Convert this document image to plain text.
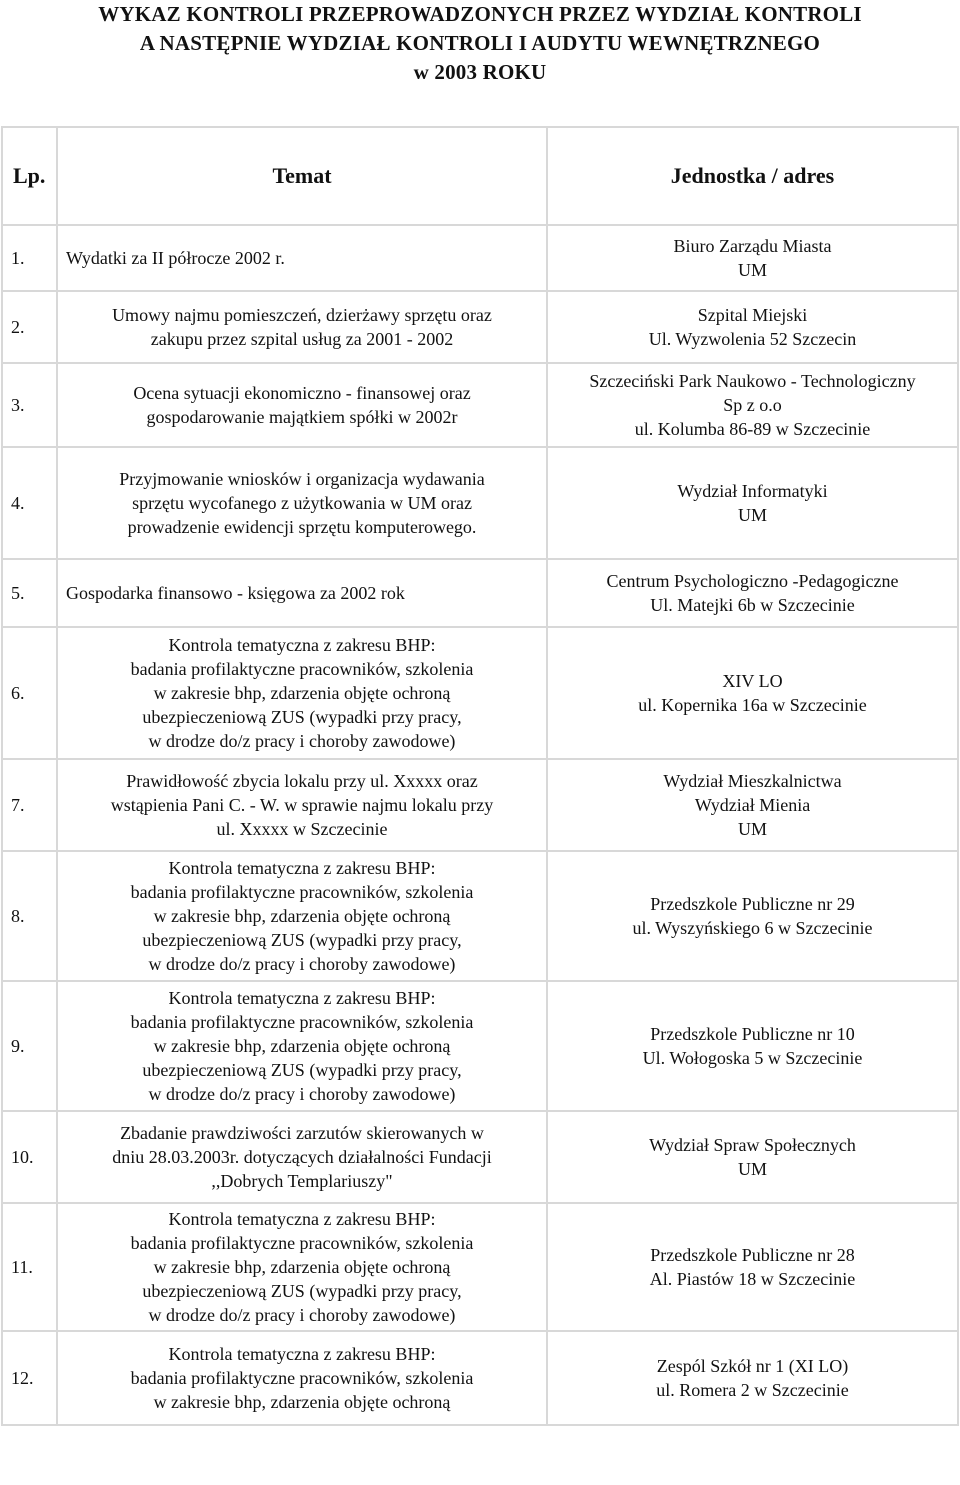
WYKAZ KONTROLI PRZEPROWADZONYCH PRZEZ WYDZIAŁ KONTROLI
A NASTĘPNIE WYDZIAŁ KONTROLI I AUDYTU WEWNĘTRZNEGO
w 2003 ROKU
Lp.	Temat	Jednostka / adres
1.	Wydatki za II półrocze 2002 r.	Biuro Zarządu Miasta
UM

2.	Umowy najmu pomieszczeń, dzierżawy sprzętu oraz
zakupu przez szpital usług za 2001 - 2002	Szpital Miejski
Ul. Wyzwolenia 52 Szczecin

3.	Ocena sytuacji ekonomiczno - finansowej oraz
gospodarowanie majątkiem spółki w 2002r	Szczeciński Park Naukowo - Technologiczny
Sp z o.o
ul. Kolumba 86-89 w Szczecinie

4.	Przyjmowanie wniosków i organizacja wydawania
sprzętu wycofanego z użytkowania w UM oraz
prowadzenie ewidencji sprzętu komputerowego.	Wydział Informatyki
UM

5.	Gospodarka finansowo - księgowa za 2002 rok	Centrum Psychologiczno -Pedagogiczne
Ul. Matejki 6b w Szczecinie

6.	Kontrola tematyczna z zakresu BHP:
badania profilaktyczne pracowników, szkolenia
w zakresie bhp, zdarzenia objęte ochroną
ubezpieczeniową ZUS (wypadki przy pracy,
w drodze do/z pracy i choroby zawodowe)	XIV LO
ul. Kopernika 16a w Szczecinie

7.	Prawidłowość zbycia lokalu przy ul. Xxxxx oraz
wstąpienia Pani C. - W. w sprawie najmu lokalu przy
ul. Xxxxx w Szczecinie	Wydział Mieszkalnictwa
Wydział Mienia
UM

8.	Kontrola tematyczna z zakresu BHP:
badania profilaktyczne pracowników, szkolenia
w zakresie bhp, zdarzenia objęte ochroną
ubezpieczeniową ZUS (wypadki przy pracy,
w drodze do/z pracy i choroby zawodowe)	Przedszkole Publiczne nr 29
ul. Wyszyńskiego 6 w Szczecinie

9.	Kontrola tematyczna z zakresu BHP:
badania profilaktyczne pracowników, szkolenia
w zakresie bhp, zdarzenia objęte ochroną
ubezpieczeniową ZUS (wypadki przy pracy,
w drodze do/z pracy i choroby zawodowe)	Przedszkole Publiczne nr 10
Ul. Wołogoska 5 w Szczecinie

10.	Zbadanie prawdziwości zarzutów skierowanych w
dniu 28.03.2003r. dotyczących działalności Fundacji
,,Dobrych Templariuszy"	Wydział Spraw Społecznych
UM

11.	Kontrola tematyczna z zakresu BHP:
badania profilaktyczne pracowników, szkolenia
w zakresie bhp, zdarzenia objęte ochroną
ubezpieczeniową ZUS (wypadki przy pracy,
w drodze do/z pracy i choroby zawodowe)	Przedszkole Publiczne nr 28
Al. Piastów 18 w Szczecinie

12.	Kontrola tematyczna z zakresu BHP:
badania profilaktyczne pracowników, szkolenia
w zakresie bhp, zdarzenia objęte ochroną	Zespól Szkół nr 1 (XI LO)
ul. Romera 2 w Szczecinie
